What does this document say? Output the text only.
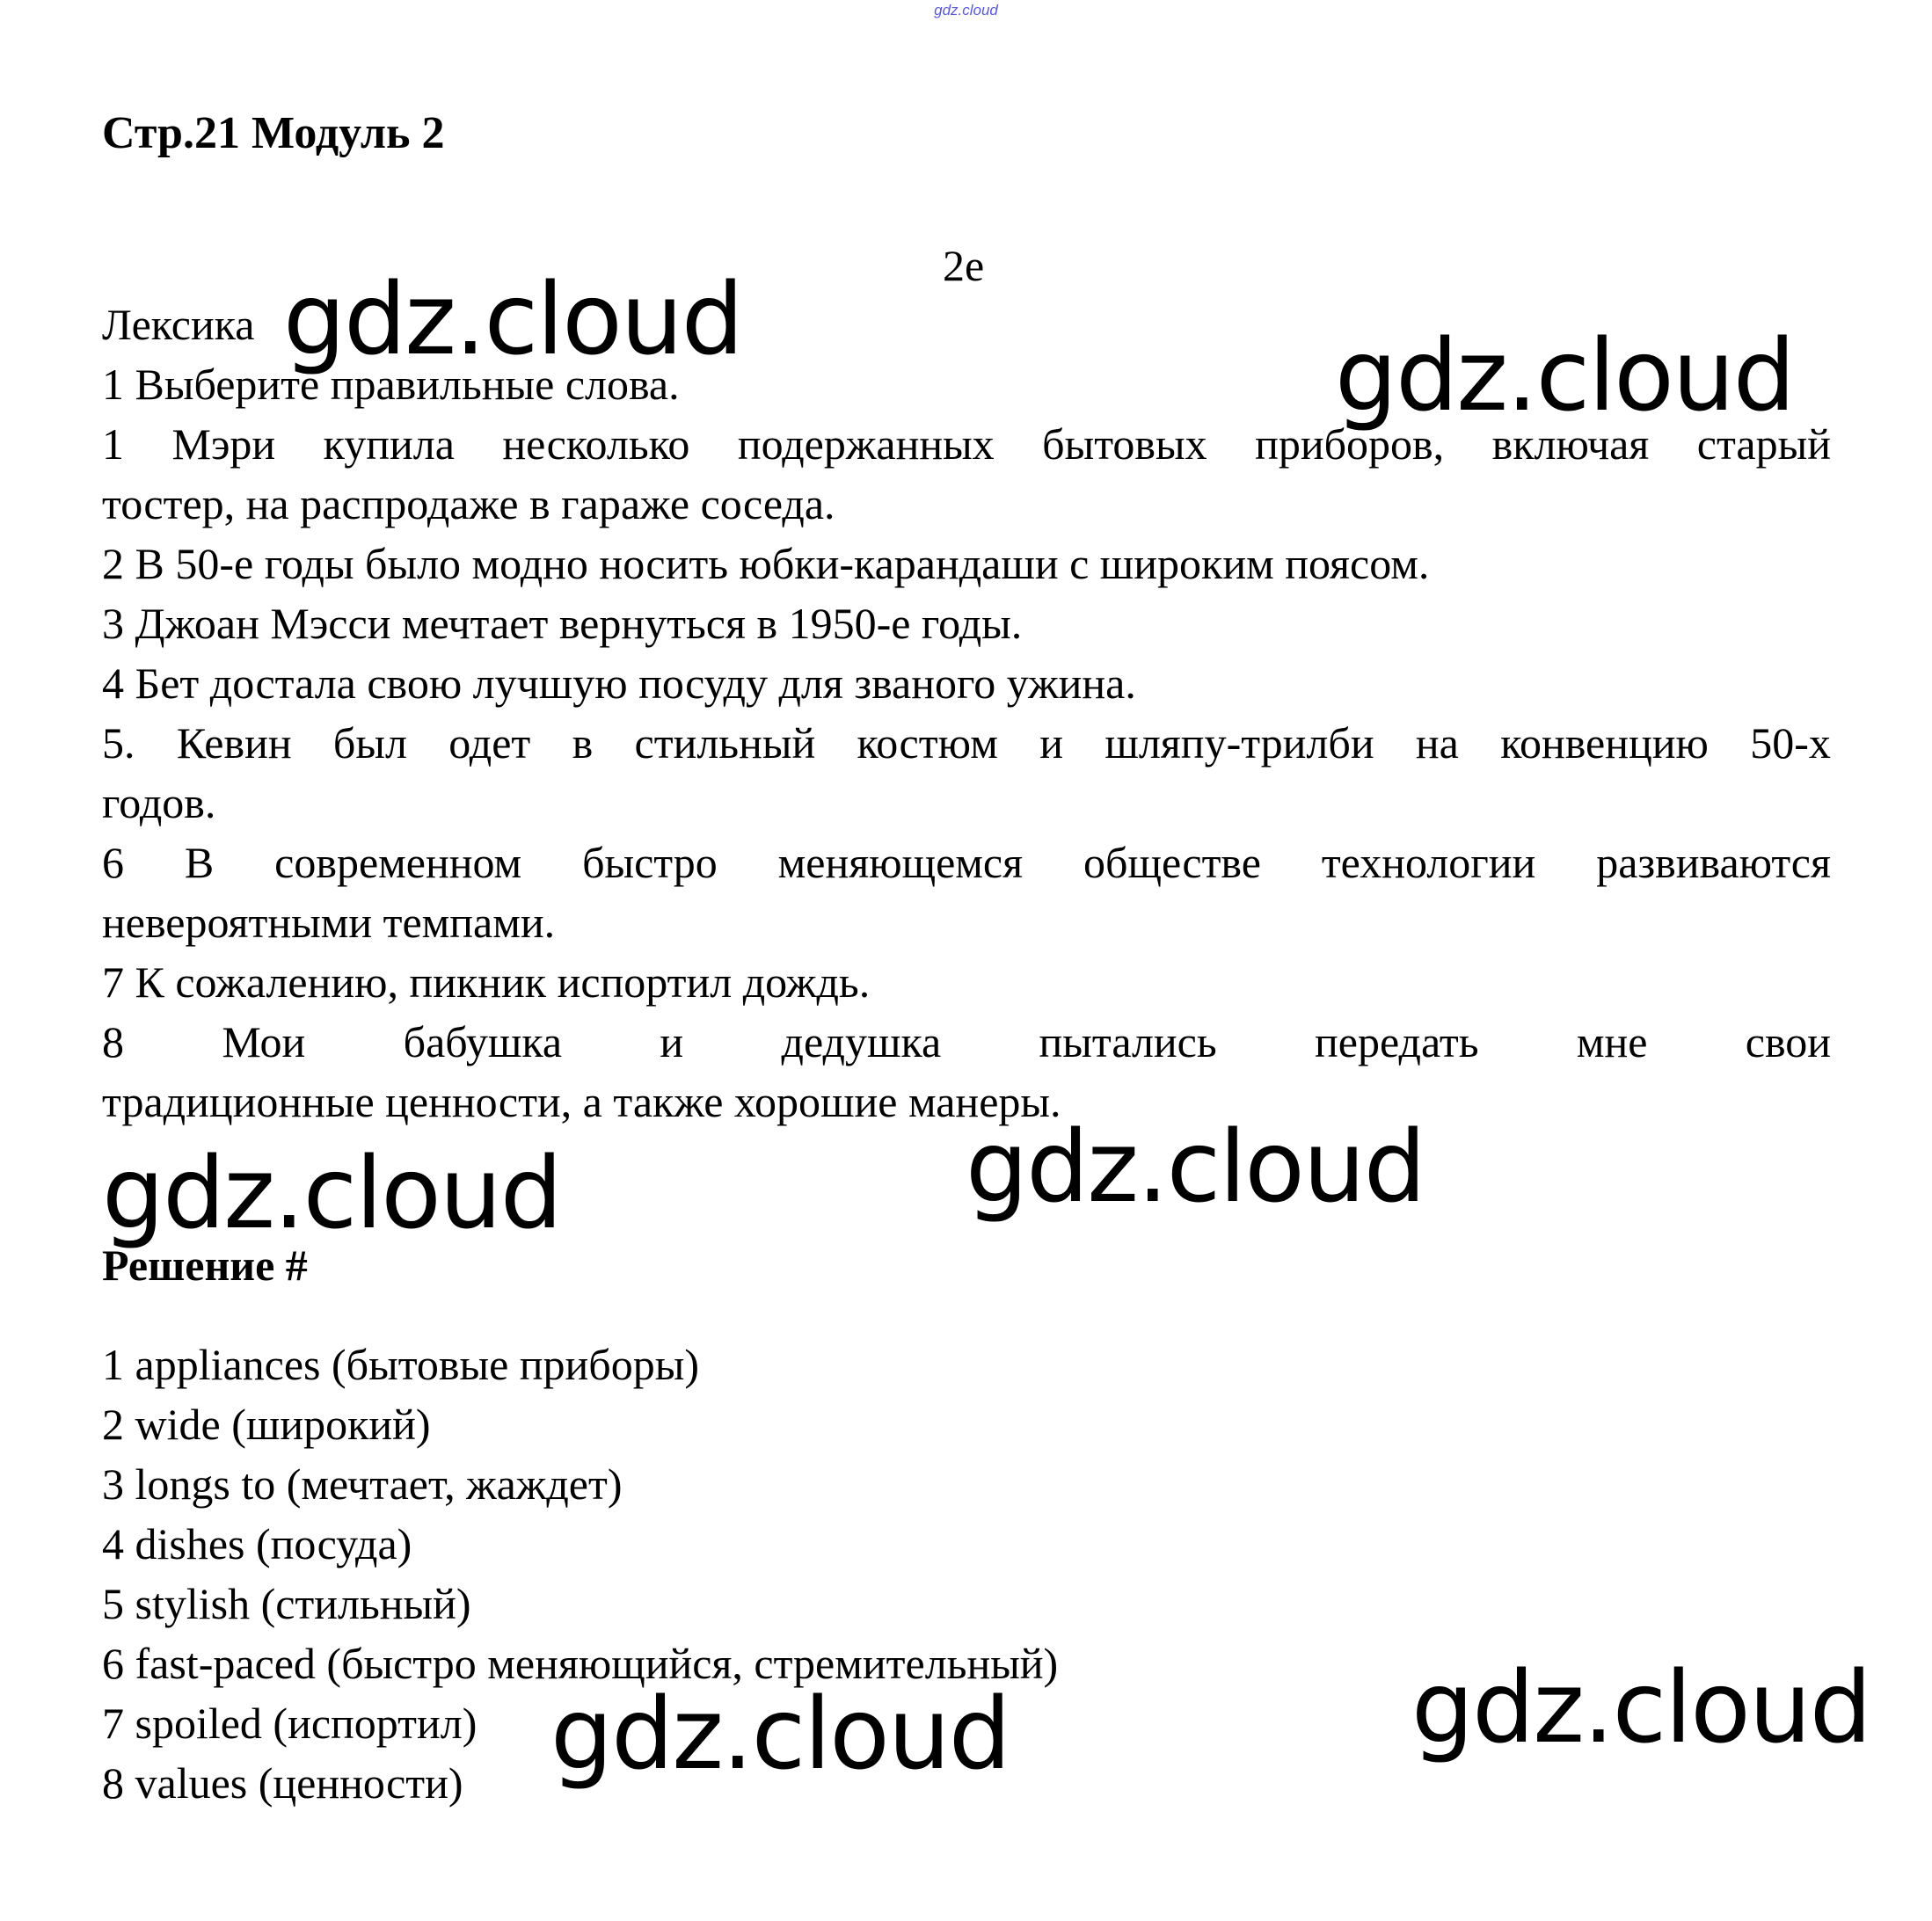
gdz.cloud
Стр.21 Модуль 2
2e
Лексика
1 Выберите правильные слова.
1 Мэри купила несколько подержанных бытовых приборов, включая старый
тостер, на распродаже в гараже соседа.
2 В 50-е годы было модно носить юбки-карандаши с широким поясом.
3 Джоан Мэсси мечтает вернуться в 1950-е годы.
4 Бет достала свою лучшую посуду для званого ужина.
5. Кевин был одет в стильный костюм и шляпу-трилби на конвенцию 50-х
годов.
6 В современном быстро меняющемся обществе технологии развиваются
невероятными темпами.
7 К сожалению, пикник испортил дождь.
8 Мои бабушка и дедушка пытались передать мне свои
традиционные ценности, а также хорошие манеры.
Решение #
1 appliances (бытовые приборы)
2 wide (широкий)
3 longs to (мечтает, жаждет)
4 dishes (посуда)
5 stylish (стильный)
6 fast-paced (быстро меняющийся, стремительный)
7 spoiled (испортил)
8 values (ценности)
gdz.cloud	gdz.cloud
gdz.cloud	gdz.cloud
gdz.cloud
gdz.cloud
